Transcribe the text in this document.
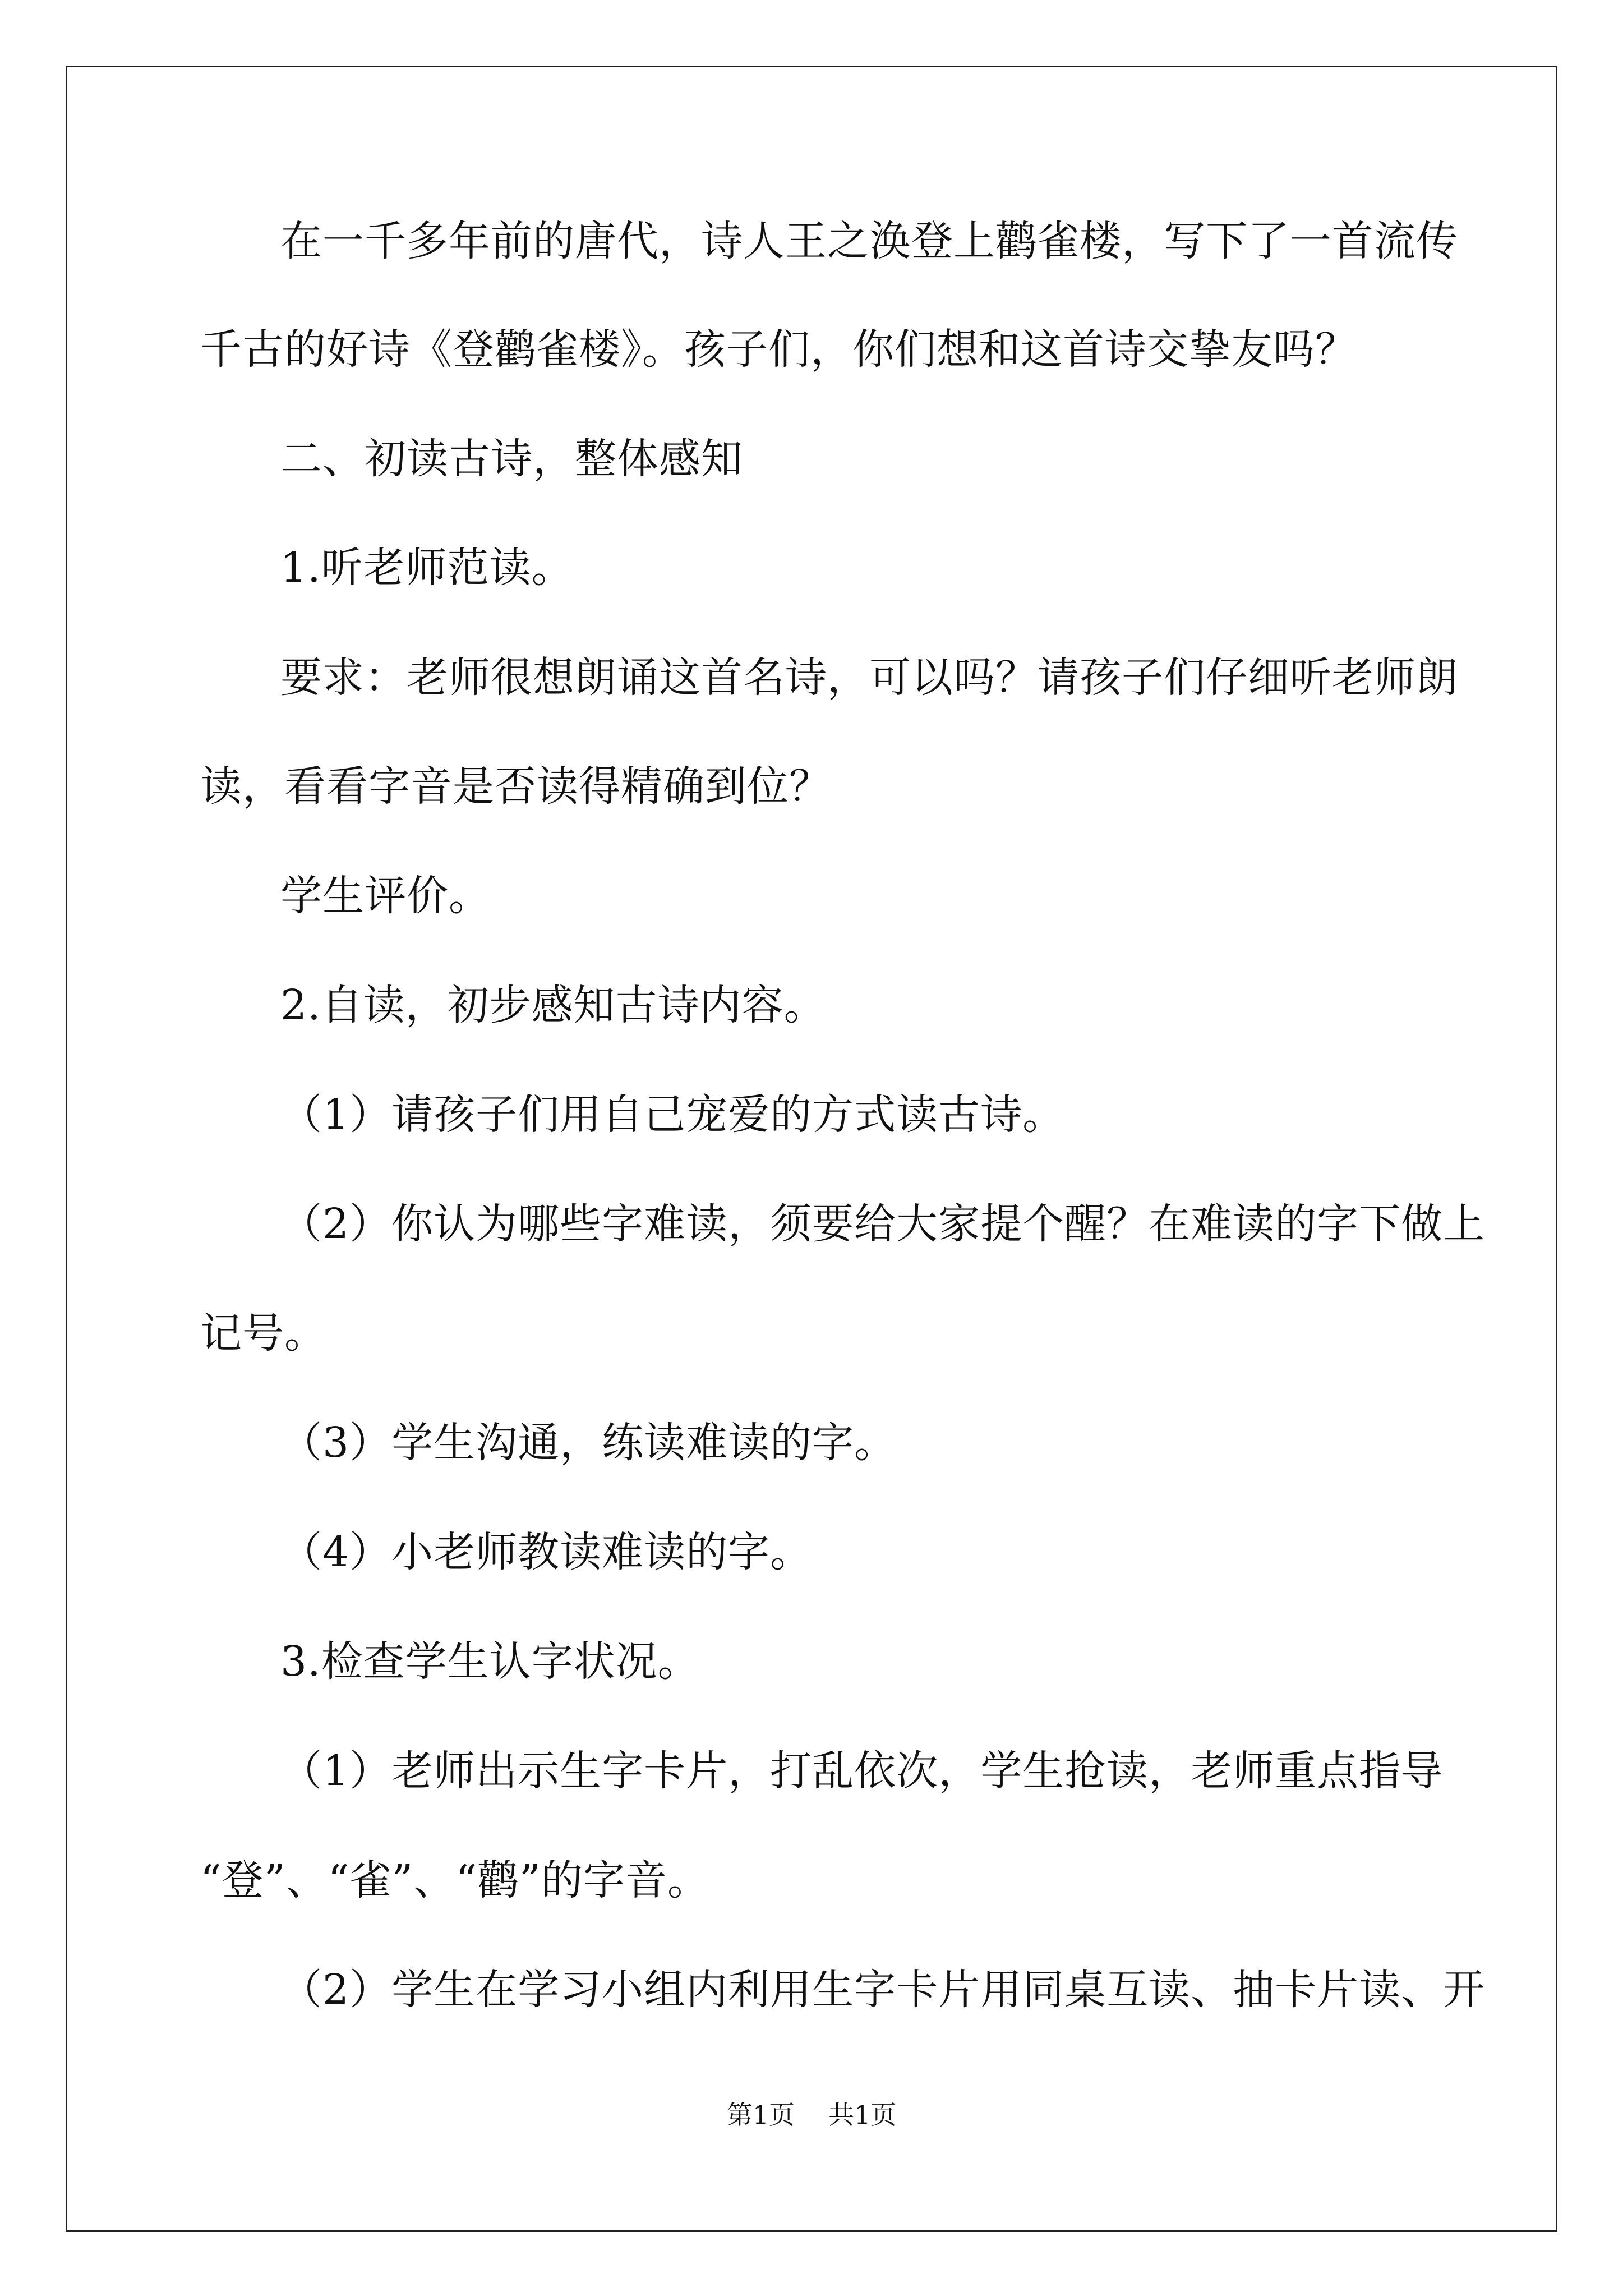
在一千多年前的唐代，诗人王之涣登上鹳雀楼，写下了一首流传
千古的好诗《登鹳雀楼》。孩子们，你们想和这首诗交挚友吗？
二、初读古诗，整体感知
1.听老师范读。
要求：老师很想朗诵这首名诗，可以吗？请孩子们仔细听老师朗
读，看看字音是否读得精确到位？
学生评价。
2.自读，初步感知古诗内容。
（1）请孩子们用自己宠爱的方式读古诗。
（2）你认为哪些字难读，须要给大家提个醒？在难读的字下做上
记号。
（3）学生沟通，练读难读的字。
（4）小老师教读难读的字。
3.检查学生认字状况。
（1）老师出示生字卡片，打乱依次，学生抢读，老师重点指导
“登”、“雀”、“鹳”的字音。
（2）学生在学习小组内利用生字卡片用同桌互读、抽卡片读、开
第1页 共1页
